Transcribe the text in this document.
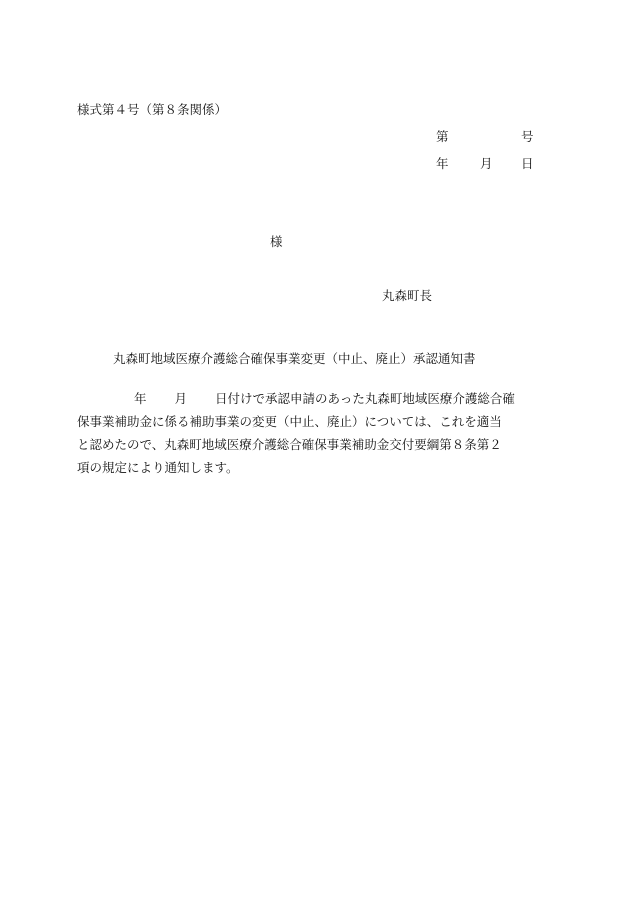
様式第４号（第８条関係）
第	号
年	月 日
様
丸森町長
丸森町地域医療介護総合確保事業変更（中止、廃止）承認通知書
年 月 日付けで承認申請のあった丸森町地域医療介護総合確
保事業補助金に係る補助事業の変更（中止、廃止）については、これを適当
と認めたので、丸森町地域医療介護総合確保事業補助金交付要綱第８条第２
項の規定により通知します。
